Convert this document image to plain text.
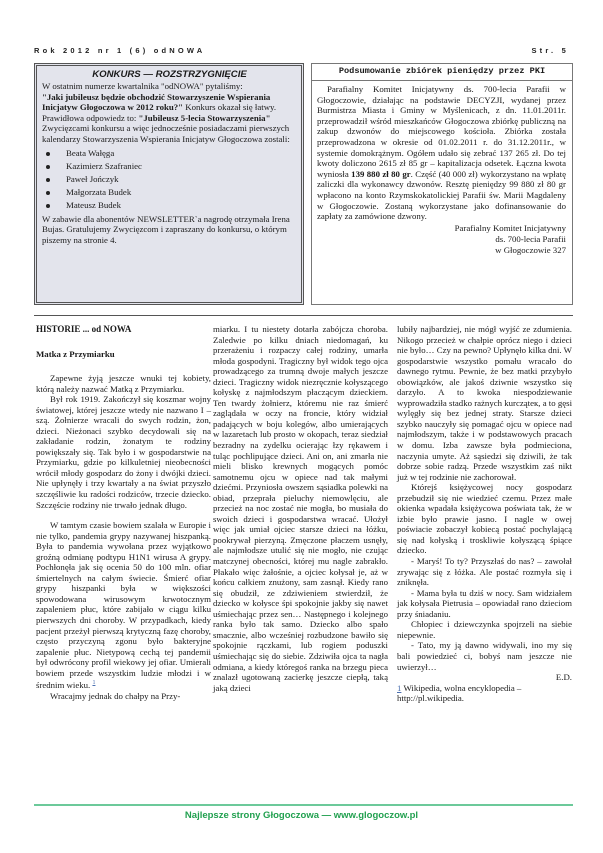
Rok 2012 nr 1 (6) odNOWA	Str. 5
KONKURS — ROZSTRZYGNIĘCIE

W ostatnim numerze kwartalnika "odNOWA" pytaliśmy:
"Jaki jubileusz będzie obchodzić Stowarzyszenie Wspierania Inicjatyw Głogoczowa w 2012 roku?" Konkurs okazał się łatwy.

Prawidłowa odpowiedz to: "Jubileusz 5-lecia Stowarzyszenia" Zwycięzcami konkursu a więc jednocześnie posiadaczami pierwszych kalendarzy Stowarzyszenia Wspierania Inicjatyw Głogoczowa zostali:

Beata Wałęga
Kazimierz Szafraniec
Paweł Jończyk
Małgorzata Budek
Mateusz Budek

W zabawie dla abonentów NEWSLETTER`a nagrodę otrzymała Irena Bujas. Gratulujemy Zwycięzcom i zapraszany do konkursu, o którym piszemy na stronie 4.

Podsumowanie zbiórek pieniędzy przez PKI

Parafialny Komitet Inicjatywny ds. 700-lecia Parafii w Głogoczowie, działając na podstawie DECYZJI, wydanej przez Burmistrza Miasta i Gminy w Myślenicach, z dn. 11.01.2011r. przeprowadził wśród mieszkańców Głogoczowa zbiórkę publiczną na zakup dzwonów do miejscowego kościoła. Zbiórka została przeprowadzona w okresie od 01.02.2011 r. do 31.12.2011r., w systemie domokrążnym. Ogółem udało się zebrać 137 265 zł. Do tej kwoty doliczono 2615 zł 85 gr – kapitalizacja odsetek. Łączna kwota wyniosła 139 880 zł 80 gr. Część (40 000 zł) wykorzystano na wpłatę zaliczki dla wykonawcy dzwonów. Resztę pieniędzy 99 880 zł 80 gr wpłacono na konto Rzymskokatolickiej Parafii św. Marii Magdaleny w Głogoczowie. Zostaną wykorzystane jako dofinansowanie do zapłaty za zamówione dzwony.

Parafialny Komitet Inicjatywny
ds. 700-lecia Parafii
w Głogoczowie 327
HISTORIE ... od NOWA
Matka z Przymiarku

Zapewne żyją jeszcze wnuki tej kobiety, którą należy nazwać Matką z Przymiarku.

Był rok 1919. Zakończył się koszmar wojny światowej, której jeszcze wtedy nie nazwano I – szą. Żołnierze wracali do swych rodzin, żon, dzieci. Nieżonaci szybko decydowali się na zakładanie rodzin, żonatym te rodziny powiększały się. Tak było i w gospodarstwie na Przymiarku, gdzie po kilkuletniej nieobecności wrócił młody gospodarz do żony i dwójki dzieci. Nie upłynęły i trzy kwartały a na świat przyszło szczęśliwie ku radości rodziców, trzecie dziecko. Szczęście rodziny nie trwało jednak długo.

W tamtym czasie bowiem szalała w Europie i nie tylko, pandemia grypy nazywanej hiszpanką. Była to pandemia wywołana przez wyjątkowo groźną odmianę podtypu H1N1 wirusa A grypy. Pochłonęła jak się ocenia 50 do 100 mln. ofiar śmiertelnych na całym świecie. Śmierć ofiar grypy hiszpanki była w większości spowodowana wirusowym krwotocznym zapaleniem płuc, które zabijało w ciągu kilku pierwszych dni choroby. W przypadkach, kiedy pacjent przeżył pierwszą krytyczną fazę choroby, często przyczyną zgonu było bakteryjne zapalenie płuc. Nietypową cechą tej pandemii był odwrócony profil wiekowy jej ofiar. Umierali bowiem przede wszystkim ludzie młodzi i w średnim wieku. $^1$

Wracajmy jednak do chałpy na Przy-

miarku. I tu niestety dotarła zabójcza choroba. Zaledwie po kilku dniach niedomagań, ku przerażeniu i rozpaczy całej rodziny, umarła młoda gospodyni. Tragiczny był widok tego ojca prowadzącego za trumną dwoje małych jeszcze dzieci. Tragiczny widok niezręcznie kołyszącego kołyskę z najmłodszym płaczącym dzieckiem. Ten twardy żołnierz, któremu nie raz śmierć zaglądała w oczy na froncie, który widział padających w boju kolegów, albo umierających w lazaretach lub prosto w okopach, teraz siedział bezradny na zydelku ocierając łzy rękawem i tuląc pochlipujące dzieci. Ani on, ani zmarła nie mieli blisko krewnych mogących pomóc samotnemu ojcu w opiece nad tak małymi dziećmi. Przyniosła owszem sąsiadka polewki na obiad, przeprała pieluchy niemowlęciu, ale przecież na noc zostać nie mogła, bo musiała do swoich dzieci i gospodarstwa wracać. Ułożył więc jak umiał ojciec starsze dzieci na łóżku, pookrywał pierzyną. Zmęczone płaczem usnęły, ale najmłodsze utulić się nie mogło, nie czując matczynej obecności, której mu nagle zabrakło. Płakało więc żałośnie, a ojciec kołysał je, aż w końcu całkiem znużony, sam zasnął. Kiedy rano się obudził, ze zdziwieniem stwierdził, że dziecko w kołysce śpi spokojnie jakby się nawet uśmiechając przez sen… Następnego i kolejnego ranka było tak samo. Dziecko albo spało smacznie, albo wcześniej rozbudzone bawiło się spokojnie rączkami, lub rogiem poduszki uśmiechając się do siebie. Zdziwiła ojca ta nagła odmiana, a kiedy któregoś ranka na brzegu pieca znalazł ugotowaną zacierkę jeszcze ciepłą, taką jaką dzieci

lubiły najbardziej, nie mógł wyjść ze zdumienia. Nikogo przecież w chałpie oprócz niego i dzieci nie było… Czy na pewno? Upłynęło kilka dni. W gospodarstwie wszystko pomału wracało do dawnego rytmu. Pewnie, że bez matki przybyło obowiązków, ale jakoś dziwnie wszystko się darzyło. A to kwoka niespodziewanie wyprowadziła stadko rażnych kurcząteк, a to gęsi wylęgły się bez jednej straty. Starsze dzieci szybko nauczyły się pomagać ojcu w opiece nad najmłodszym, także i w podstawowych pracach w domu. Izba zawsze była podmieciona, naczynia umyte. Aż sąsiedzi się dziwili, że tak dobrze sobie radzą. Przede wszystkim zaś nikt już w tej rodzinie nie zachorował.

Którejś księżycowej nocy gospodarz przebudził się nie wiedzieć czemu. Przez małe okienka wpadała księżycowa poświata tak, że w izbie było prawie jasno. I nagle w owej poświacie zobaczył kobiecą postać pochylającą się nad kołyską i troskliwie kołyszącą śpiące dziecko.

- Maryś! To ty? Przyszłaś do nas? – zawołał zrywając się z łóżka. Ale postać rozmyła się i zniknęła.

- Mama była tu dziś w nocy. Sam widziałem jak kołysała Pietrusia – opowiadał rano dzieciom przy śniadaniu.

Chłopiec i dziewczynka spojrzeli na siebie niepewnie.

- Tato, my ją dawno widywali, ino my się bali powiedzieć ci, bobyś nam jeszcze nie uwierzył…

E.D.

1 Wikipedia, wolna encyklopedia – http://pl.wikipedia.

Najlepsze strony Głogoczowa — www.glogoczow.pl
